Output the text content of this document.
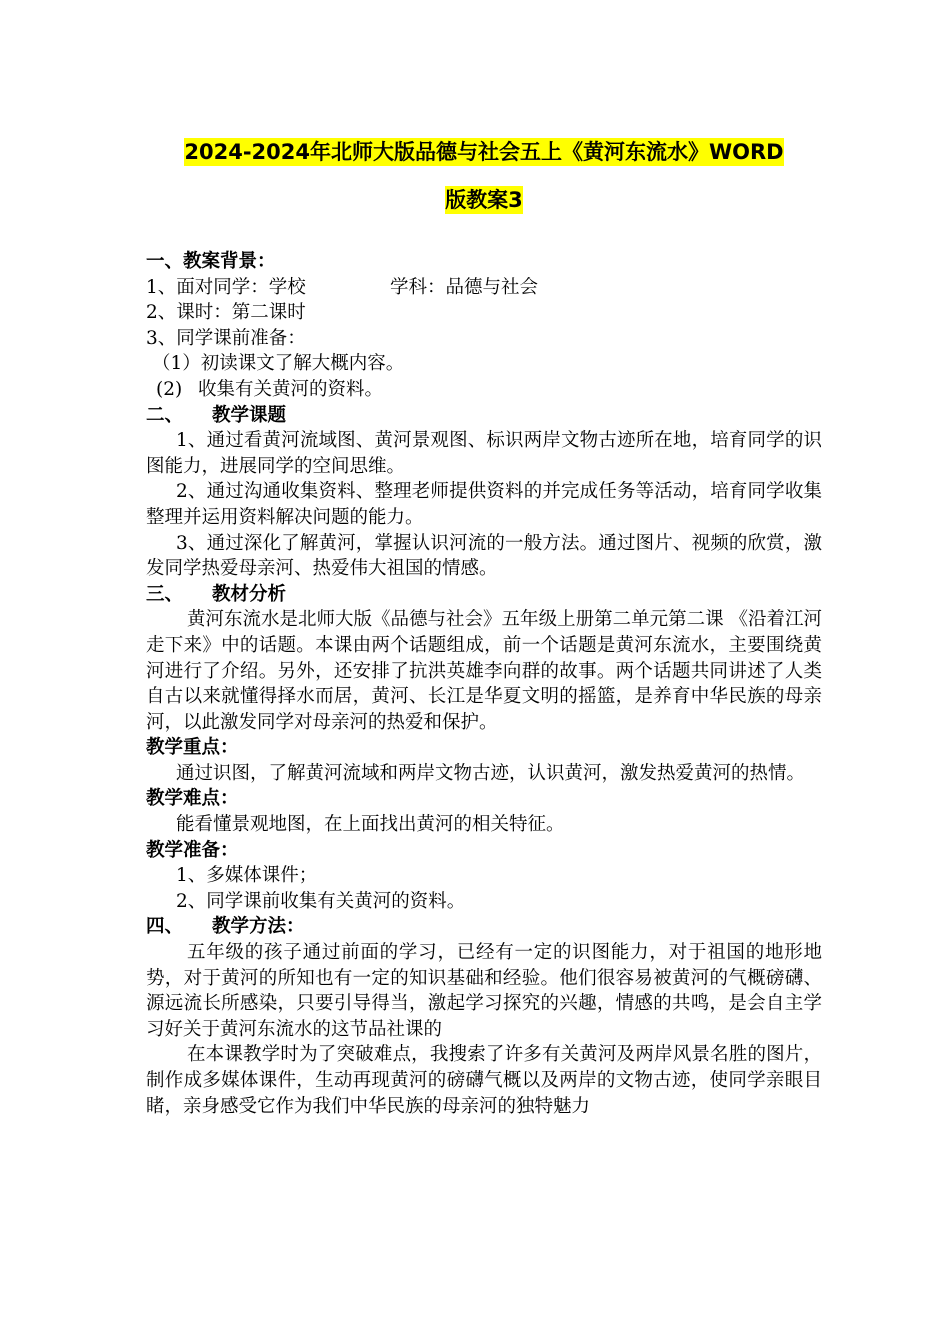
2024-2024年北师大版品德与社会五上《黄河东流水》WORD
版教案3
一、教案背景：
1、面对同学：学校	学科：品德与社会
2、课时：第二课时
3、同学课前准备：
（1）初读课文了解大概内容。
(2) 收集有关黄河的资料。
二、 教学课题
1、通过看黄河流域图、黄河景观图、标识两岸文物古迹所在地，培育同学的识图能力，进展同学的空间思维。
2、通过沟通收集资料、整理老师提供资料的并完成任务等活动，培育同学收集整理并运用资料解决问题的能力。
3、通过深化了解黄河，掌握认识河流的一般方法。通过图片、视频的欣赏，激发同学热爱母亲河、热爱伟大祖国的情感。
三、 教材分析
黄河东流水是北师大版《品德与社会》五年级上册第二单元第二课 《沿着江河走下来》中的话题。本课由两个话题组成，前一个话题是黄河东流水，主要围绕黄河进行了介绍。另外，还安排了抗洪英雄李向群的故事。两个话题共同讲述了人类自古以来就懂得择水而居，黄河、长江是华夏文明的摇篮，是养育中华民族的母亲河，以此激发同学对母亲河的热爱和保护。
教学重点：
通过识图，了解黄河流域和两岸文物古迹，认识黄河，激发热爱黄河的热情。
教学难点：
能看懂景观地图，在上面找出黄河的相关特征。
教学准备：
1、多媒体课件；
2、同学课前收集有关黄河的资料。
四、 教学方法：
五年级的孩子通过前面的学习，已经有一定的识图能力，对于祖国的地形地势，对于黄河的所知也有一定的知识基础和经验。他们很容易被黄河的气概磅礴、源远流长所感染，只要引导得当，激起学习探究的兴趣，情感的共鸣，是会自主学习好关于黄河东流水的这节品社课的
在本课教学时为了突破难点，我搜索了许多有关黄河及两岸风景名胜的图片，制作成多媒体课件，生动再现黄河的磅礴气概以及两岸的文物古迹，使同学亲眼目睹，亲身感受它作为我们中华民族的母亲河的独特魅力
